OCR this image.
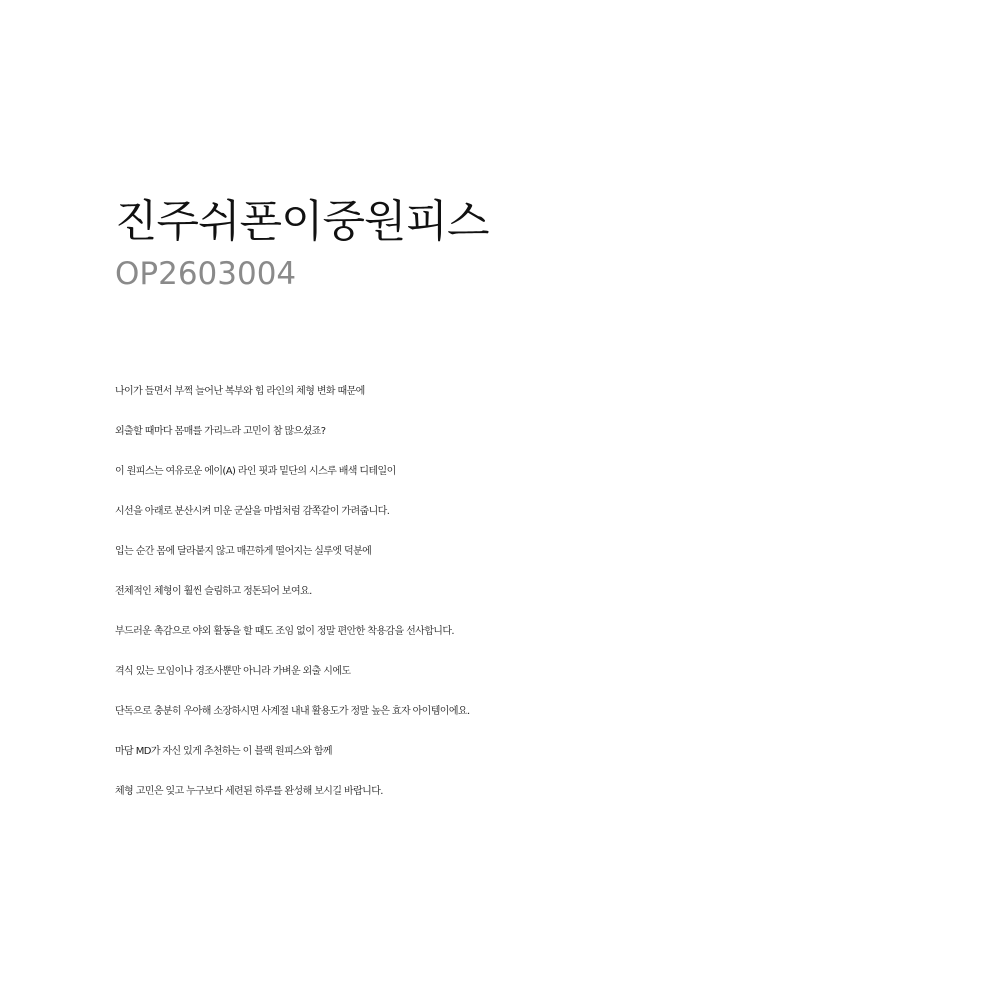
진주쉬폰이중원피스

OP2603004

나이가 들면서 부쩍 늘어난 복부와 힙 라인의 체형 변화 때문에
외출할 때마다 몸매를 가리느라 고민이 참 많으셨죠?
이 원피스는 여유로운 에이(A) 라인 핏과 밑단의 시스루 배색 디테일이
시선을 아래로 분산시켜 미운 군살을 마법처럼 감쪽같이 가려줍니다.
입는 순간 몸에 달라붙지 않고 매끈하게 떨어지는 실루엣 덕분에
전체적인 체형이 훨씬 슬림하고 정돈되어 보여요.
부드러운 촉감으로 야외 활동을 할 때도 조임 없이 정말 편안한 착용감을 선사합니다.
격식 있는 모임이나 경조사뿐만 아니라 가벼운 외출 시에도
단독으로 충분히 우아해 소장하시면 사계절 내내 활용도가 정말 높은 효자 아이템이에요.
마담 MD가 자신 있게 추천하는 이 블랙 원피스와 함께
체형 고민은 잊고 누구보다 세련된 하루를 완성해 보시길 바랍니다.
